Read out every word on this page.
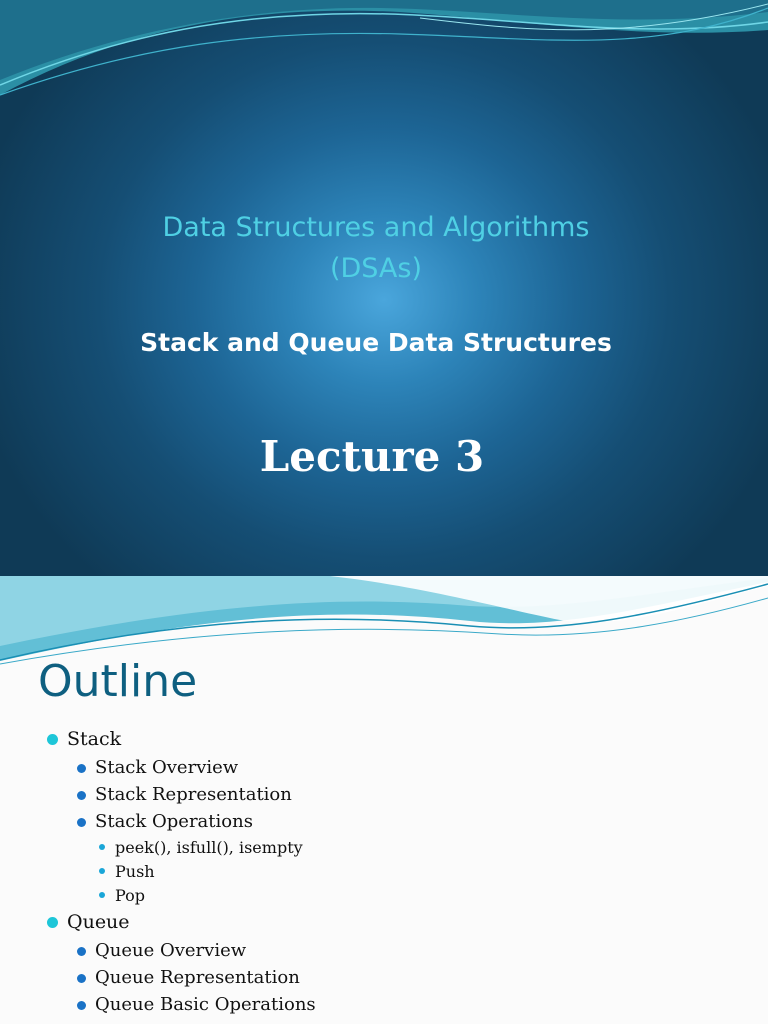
Data Structures and Algorithms
(DSAs)
Stack and Queue Data Structures
Lecture 3
Outline
Stack
Stack Overview
Stack Representation
Stack Operations
peek(), isfull(), isempty
Push
Pop
Queue
Queue Overview
Queue Representation
Queue Basic Operations
